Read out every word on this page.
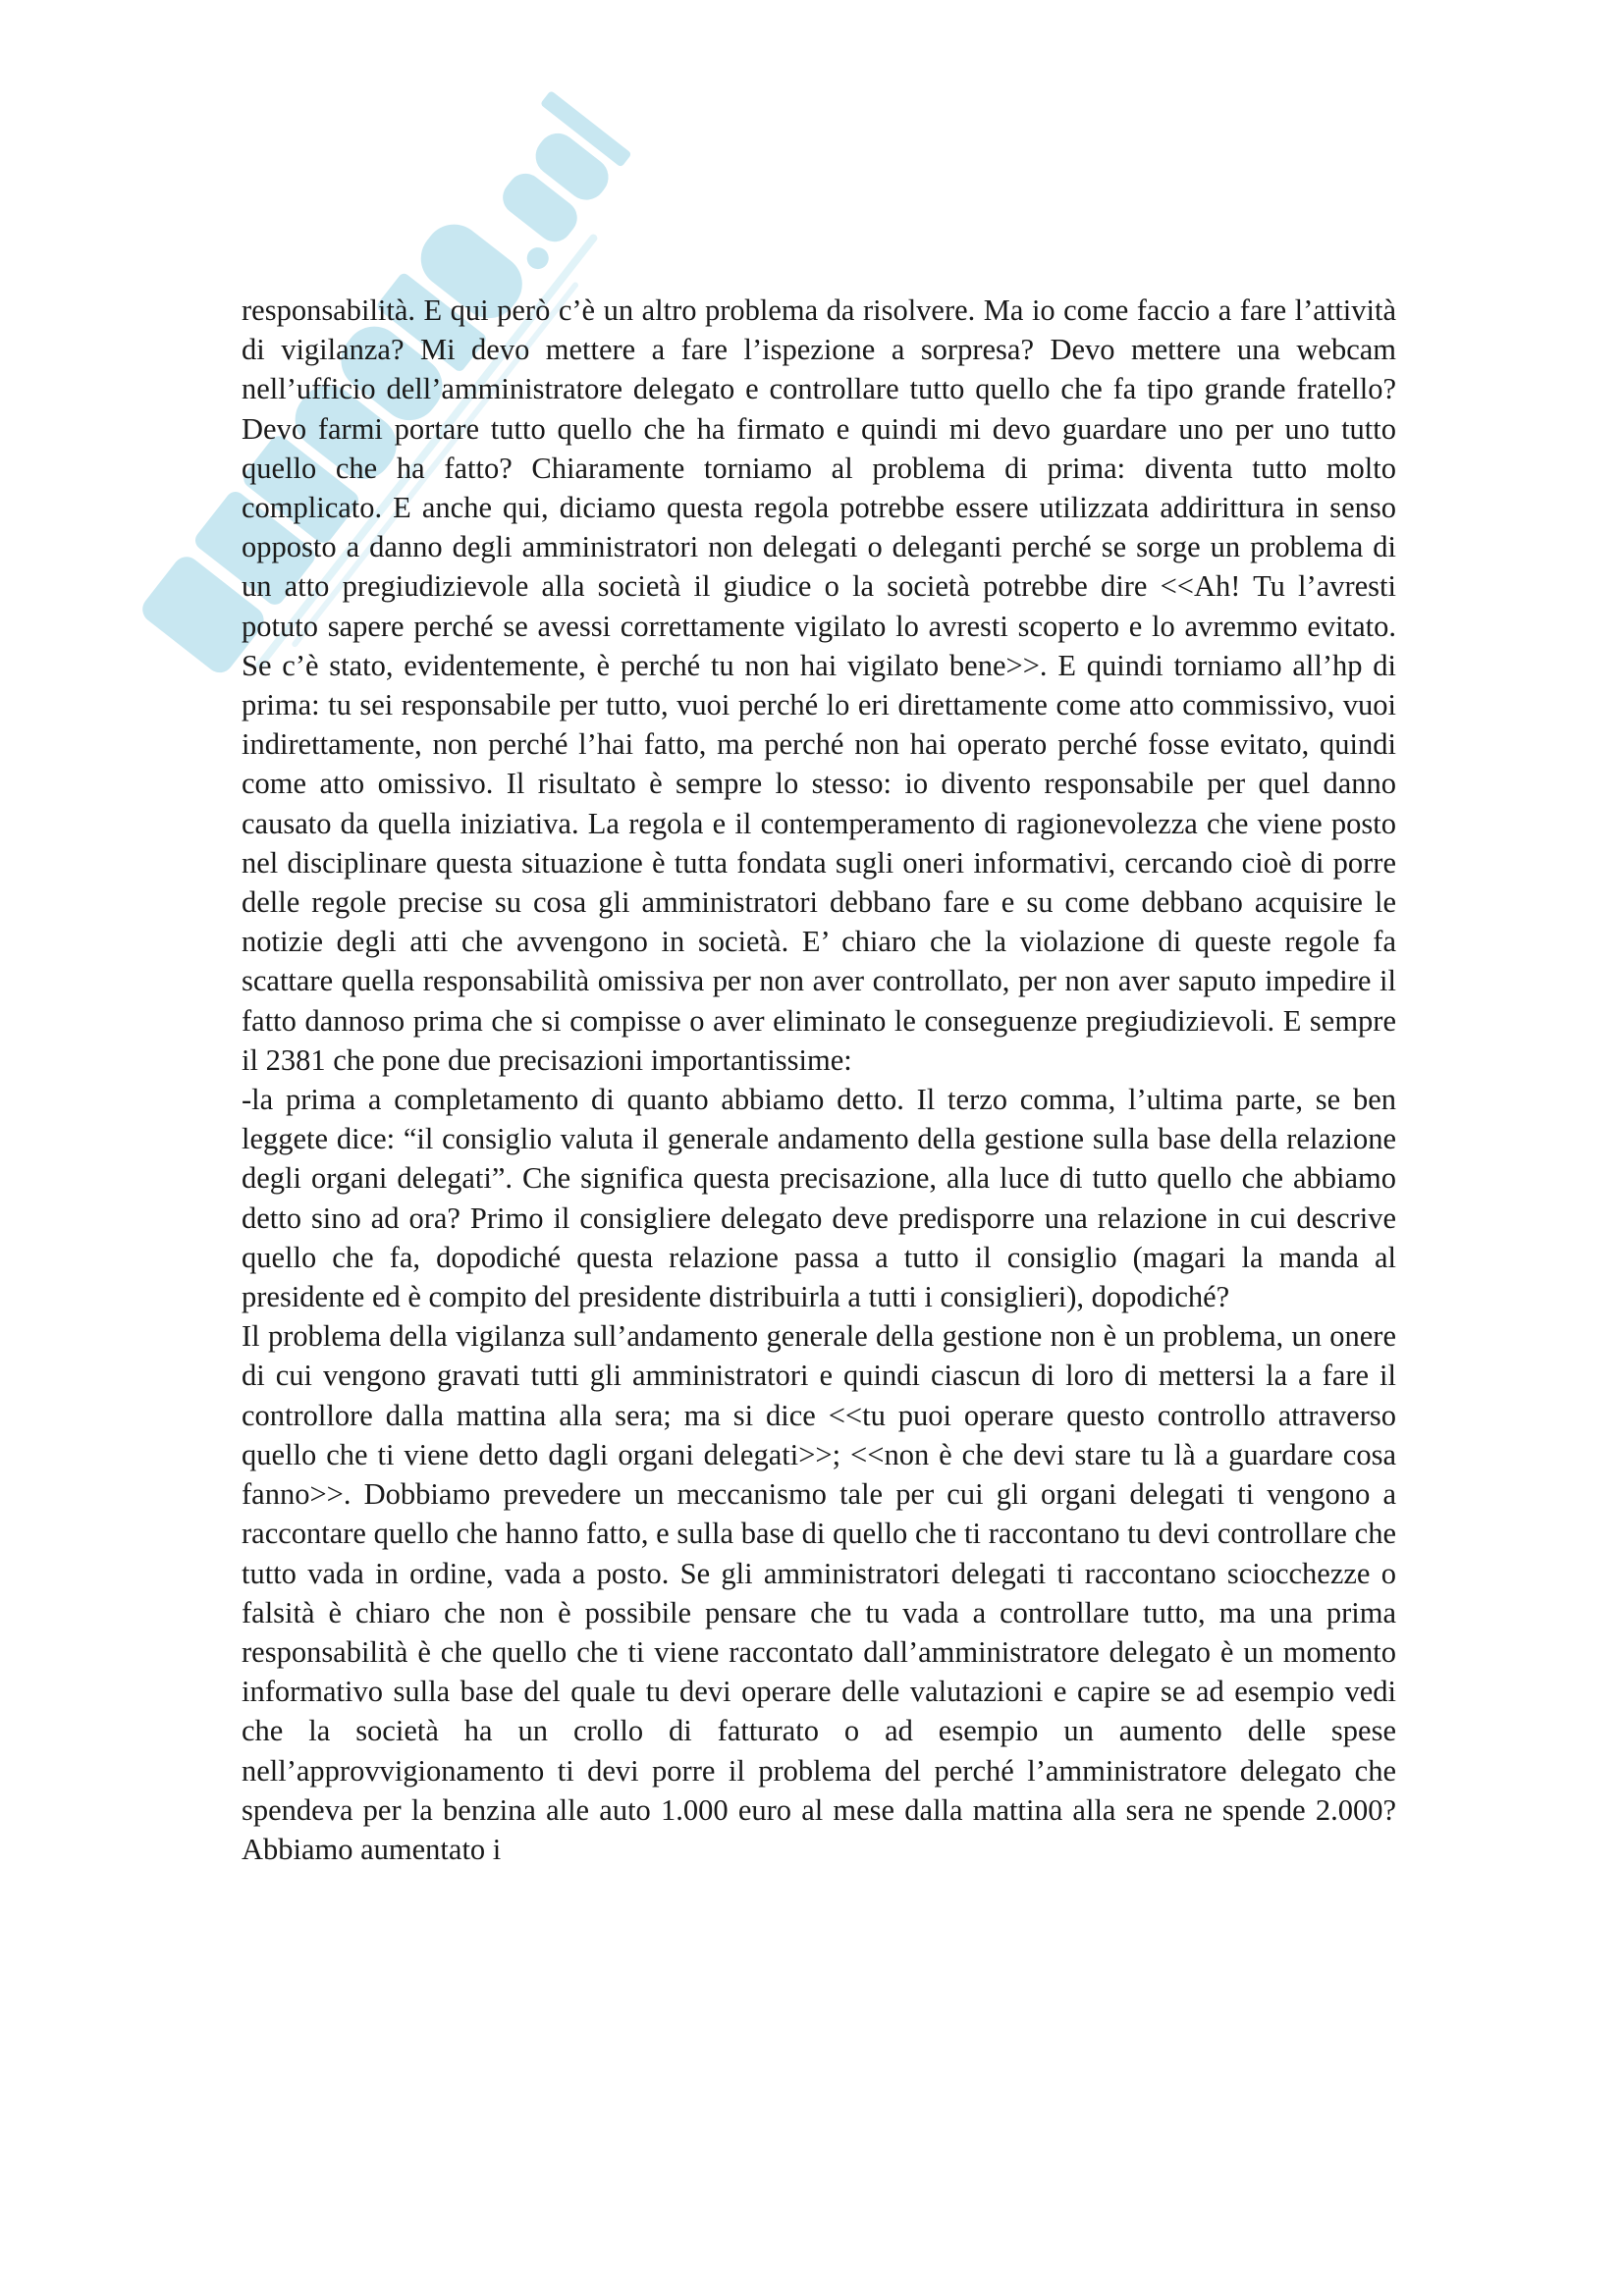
responsabilità. E qui però c’è un altro problema da risolvere. Ma io come faccio a fare l’attività di vigilanza? Mi devo mettere a fare l’ispezione a sorpresa? Devo mettere una webcam nell’ufficio dell’amministratore delegato e controllare tutto quello che fa tipo grande fratello? Devo farmi portare tutto quello che ha firmato e quindi mi devo guardare uno per uno tutto quello che ha fatto? Chiaramente torniamo al problema di prima: diventa tutto molto complicato. E anche qui, diciamo questa regola potrebbe essere utilizzata addirittura in senso opposto a danno degli amministratori non delegati o deleganti perché se sorge un problema di un atto pregiudizievole alla società il giudice o la società potrebbe dire <<Ah! Tu l’avresti potuto sapere perché se avessi correttamente vigilato lo avresti scoperto e lo avremmo evitato. Se c’è stato, evidentemente, è perché tu non hai vigilato bene>>. E quindi torniamo all’hp di prima: tu sei responsabile per tutto, vuoi perché lo eri direttamente come atto commissivo, vuoi indirettamente, non perché l’hai fatto, ma perché non hai operato perché fosse evitato, quindi come atto omissivo. Il risultato è sempre lo stesso: io divento responsabile per quel danno causato da quella iniziativa. La regola e il contemperamento di ragionevolezza che viene posto nel disciplinare questa situazione è tutta fondata sugli oneri informativi, cercando cioè di porre delle regole precise su cosa gli amministratori debbano fare e su come debbano acquisire le notizie degli atti che avvengono in società. E’ chiaro che la violazione di queste regole fa scattare quella responsabilità omissiva per non aver controllato, per non aver saputo impedire il fatto dannoso prima che si compisse o aver eliminato le conseguenze pregiudizievoli. E sempre il 2381 che pone due precisazioni importantissime:

-la prima a completamento di quanto abbiamo detto. Il terzo comma, l’ultima parte, se ben leggete dice: “il consiglio valuta il generale andamento della gestione sulla base della relazione degli organi delegati”. Che significa questa precisazione, alla luce di tutto quello che abbiamo detto sino ad ora? Primo il consigliere delegato deve predisporre una relazione in cui descrive quello che fa, dopodiché questa relazione passa a tutto il consiglio (magari la manda al presidente ed è compito del presidente distribuirla a tutti i consiglieri), dopodiché?

Il problema della vigilanza sull’andamento generale della gestione non è un problema, un onere di cui vengono gravati tutti gli amministratori e quindi ciascun di loro di mettersi la a fare il controllore dalla mattina alla sera; ma si dice <<tu puoi operare questo controllo attraverso quello che ti viene detto dagli organi delegati>>; <<non è che devi stare tu là a guardare cosa fanno>>. Dobbiamo prevedere un meccanismo tale per cui gli organi delegati ti vengono a raccontare quello che hanno fatto, e sulla base di quello che ti raccontano tu devi controllare che tutto vada in ordine, vada a posto. Se gli amministratori delegati ti raccontano sciocchezze o falsità è chiaro che non è possibile pensare che tu vada a controllare tutto, ma una prima responsabilità è che quello che ti viene raccontato dall’amministratore delegato è un momento informativo sulla base del quale tu devi operare delle valutazioni e capire se ad esempio vedi che la società ha un crollo di fatturato o ad esempio un aumento delle spese nell’approvvigionamento ti devi porre il problema del perché l’amministratore delegato che spendeva per la benzina alle auto 1.000 euro al mese dalla mattina alla sera ne spende 2.000? Abbiamo aumentato i
